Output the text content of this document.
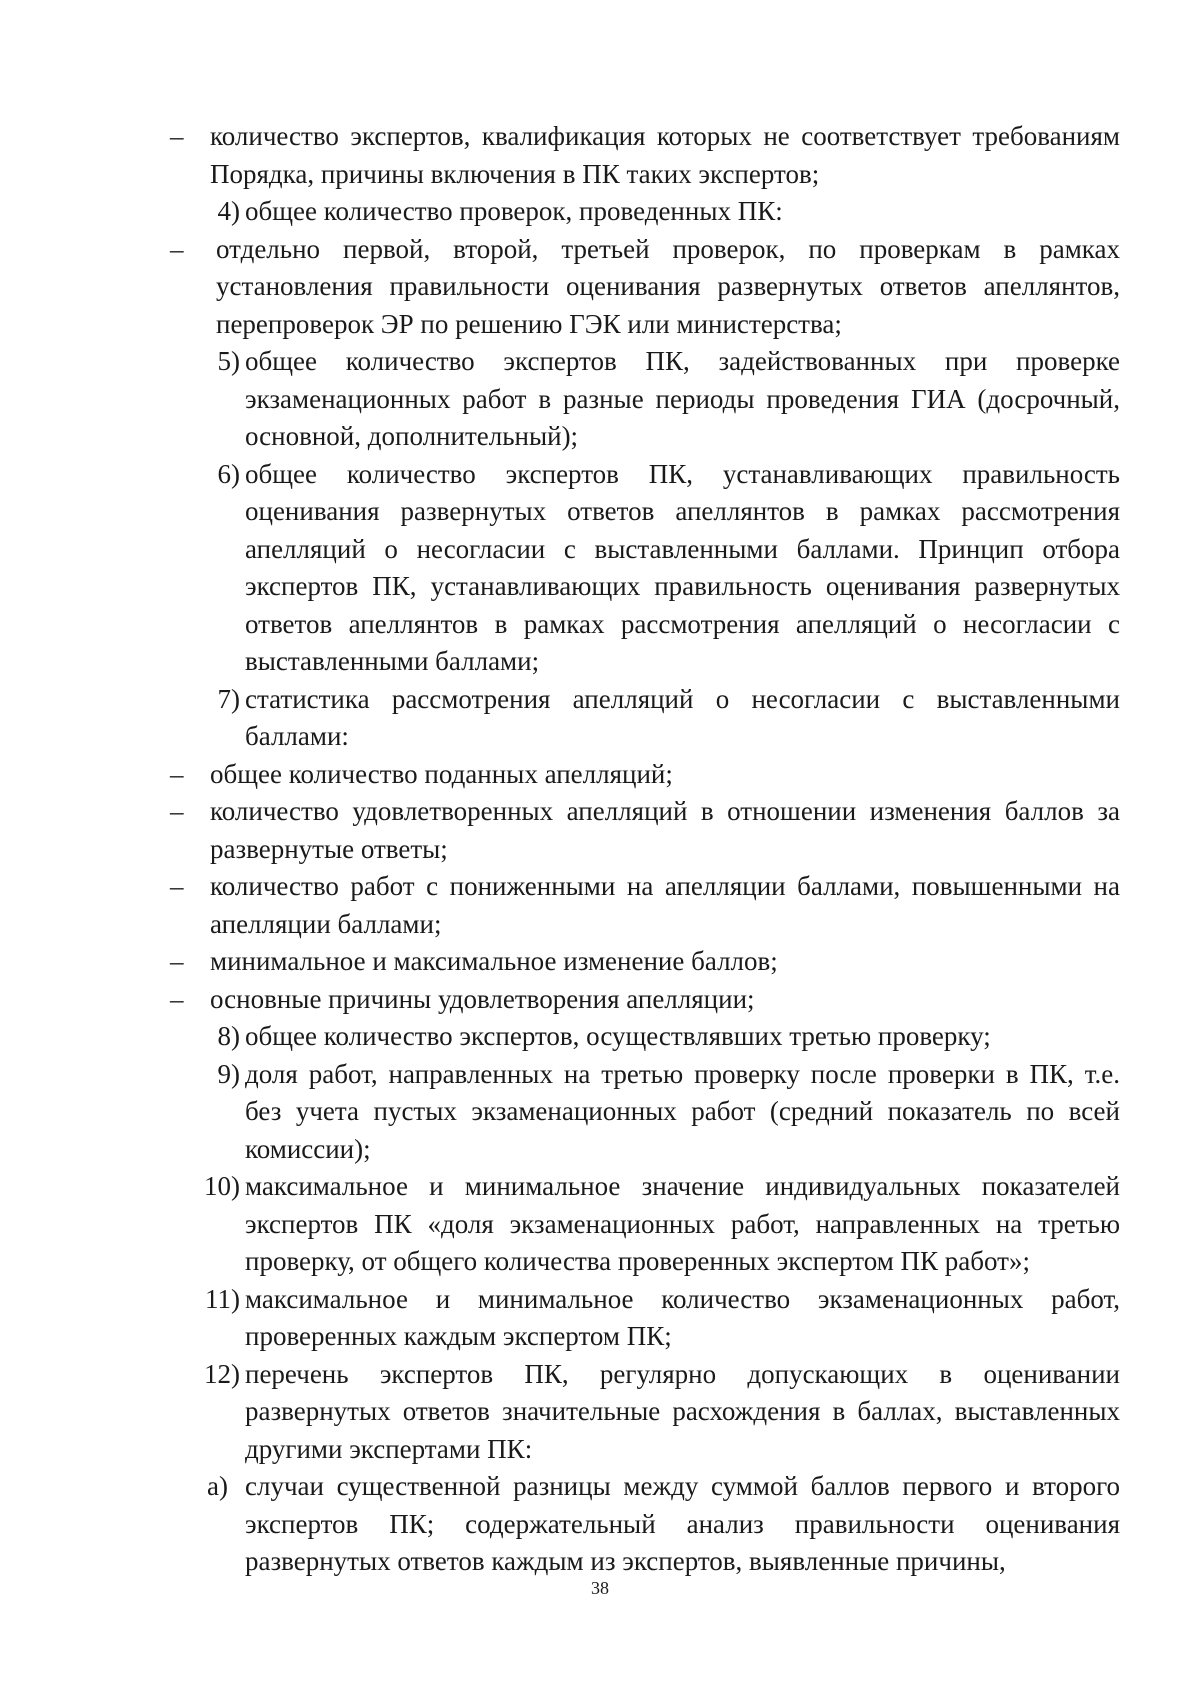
– количество экспертов, квалификация которых не соответствует требованиям Порядка, причины включения в ПК таких экспертов;
4) общее количество проверок, проведенных ПК:
–	отдельно первой, второй, третьей проверок, по проверкам в рамках установления правильности оценивания развернутых ответов апеллянтов, перепроверок ЭР по решению ГЭК или министерства;
5) общее количество экспертов ПК, задействованных при проверке экзаменационных работ в разные периоды проведения ГИА (досрочный, основной, дополнительный);
6) общее количество экспертов ПК, устанавливающих правильность оценивания развернутых ответов апеллянтов в рамках рассмотрения апелляций о несогласии с выставленными баллами. Принцип отбора экспертов ПК, устанавливающих правильность оценивания развернутых ответов апеллянтов в рамках рассмотрения апелляций о несогласии с выставленными баллами;
7) статистика рассмотрения апелляций о несогласии с выставленными баллами:
– общее количество поданных апелляций;
– количество удовлетворенных апелляций в отношении изменения баллов за развернутые ответы;
– количество работ с пониженными на апелляции баллами, повышенными на апелляции баллами;
– минимальное и максимальное изменение баллов;
– основные причины удовлетворения апелляции;
8) общее количество экспертов, осуществлявших третью проверку;
9) доля работ, направленных на третью проверку после проверки в ПК, т.е. без учета пустых экзаменационных работ (средний показатель по всей комиссии);
10) максимальное и минимальное значение индивидуальных показателей экспертов ПК «доля экзаменационных работ, направленных на третью проверку, от общего количества проверенных экспертом ПК работ»;
11) максимальное и минимальное количество экзаменационных работ, проверенных каждым экспертом ПК;
12) перечень экспертов ПК, регулярно допускающих в оценивании развернутых ответов значительные расхождения в баллах, выставленных другими экспертами ПК:
а) случаи существенной разницы между суммой баллов первого и второго экспертов ПК; содержательный анализ правильности оценивания развернутых ответов каждым из экспертов, выявленные причины,
38
